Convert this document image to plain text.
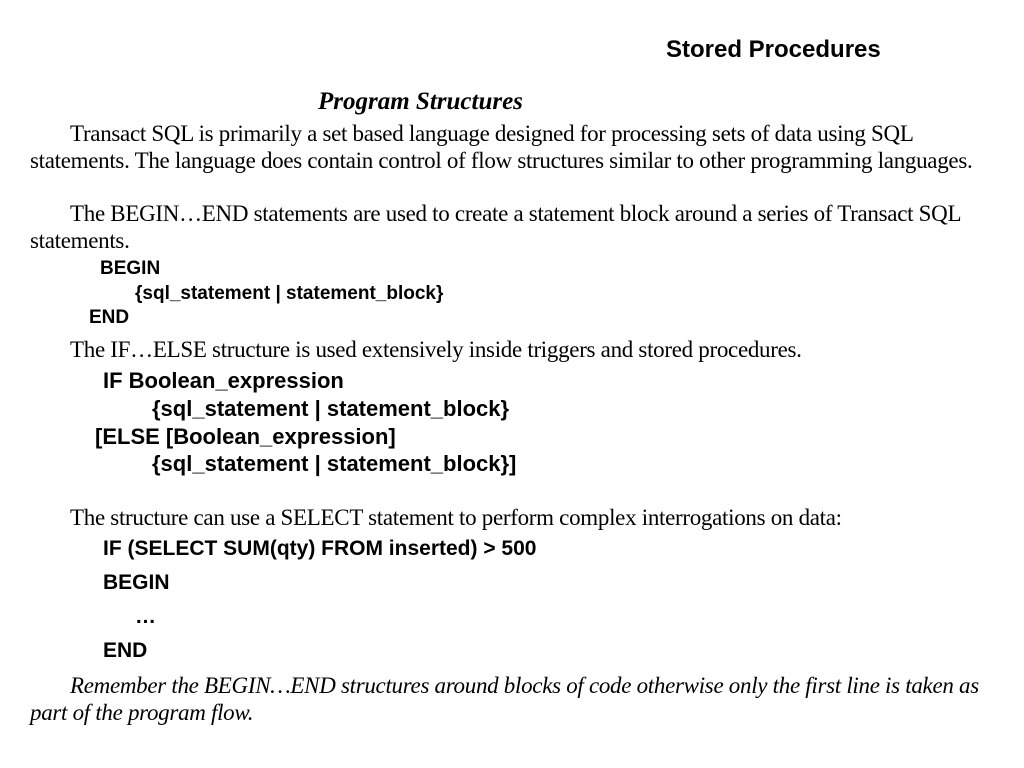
Stored Procedures
Program Structures
Transact SQL is primarily a set based language designed for processing sets of data using SQL statements. The language does contain control of flow structures similar to other programming languages.
The BEGIN…END statements are used to create a statement block around a series of Transact SQL statements.
BEGIN
{sql_statement | statement_block}
END
The IF…ELSE structure is used extensively inside triggers and stored procedures.
IF Boolean_expression
{sql_statement | statement_block}
[ELSE [Boolean_expression]
{sql_statement | statement_block}]
The structure can use a SELECT statement to perform complex interrogations on data:
IF (SELECT SUM(qty) FROM inserted) > 500
BEGIN
…
END
Remember the BEGIN…END structures around blocks of code otherwise only the first line is taken as part of the program flow.
